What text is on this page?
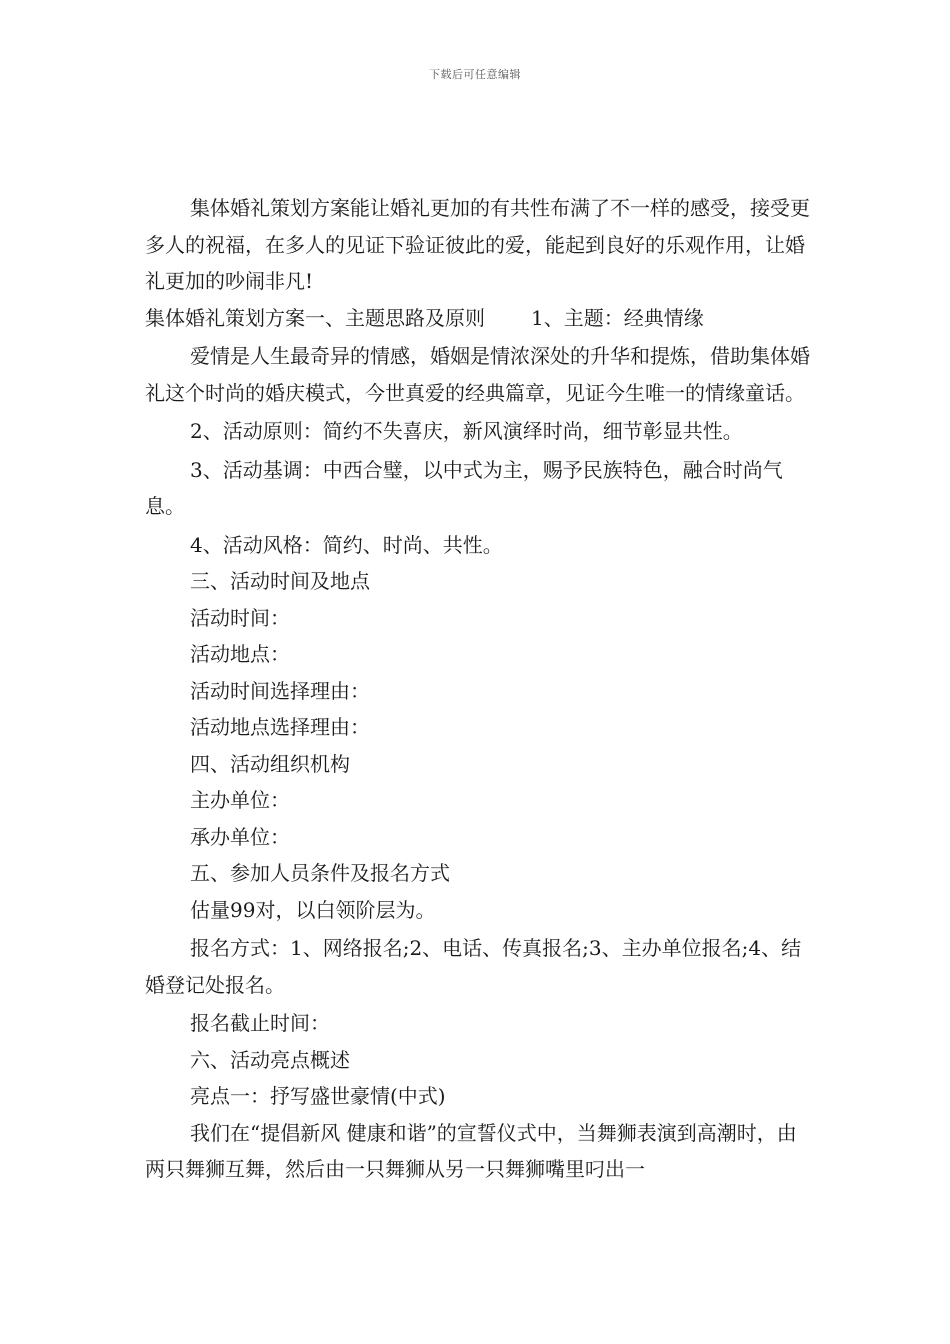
下载后可任意编辑

集体婚礼策划方案能让婚礼更加的有共性布满了不一样的感受，接受更多人的祝福，在多人的见证下验证彼此的爱，能起到良好的乐观作用，让婚礼更加的吵闹非凡!

集体婚礼策划方案一、主题思路及原则 1、主题：经典情缘

爱情是人生最奇异的情感，婚姻是情浓深处的升华和提炼，借助集体婚礼这个时尚的婚庆模式，今世真爱的经典篇章，见证今生唯一的情缘童话。

2、活动原则：简约不失喜庆，新风演绎时尚，细节彰显共性。

3、活动基调：中西合璧，以中式为主，赐予民族特色，融合时尚气息。

4、活动风格：简约、时尚、共性。

三、活动时间及地点

活动时间：

活动地点：

活动时间选择理由：

活动地点选择理由：

四、活动组织机构

主办单位：

承办单位：

五、参加人员条件及报名方式

估量99对，以白领阶层为。

报名方式：1、网络报名;2、电话、传真报名;3、主办单位报名;4、结婚登记处报名。

报名截止时间：

六、活动亮点概述

亮点一：抒写盛世豪情(中式)

我们在“提倡新风 健康和谐”的宣誓仪式中，当舞狮表演到高潮时，由两只舞狮互舞，然后由一只舞狮从另一只舞狮嘴里叼出一
